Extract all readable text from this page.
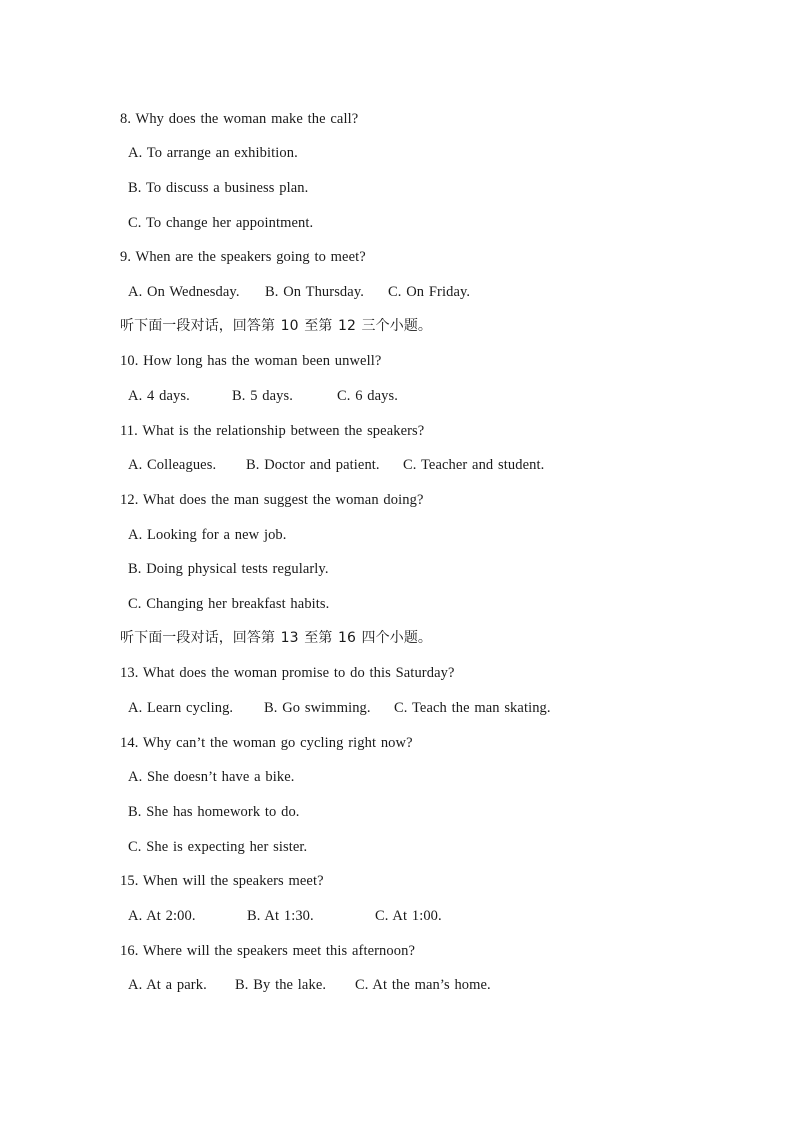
8. Why does the woman make the call?
A. To arrange an exhibition.
B. To discuss a business plan.
C. To change her appointment.
9. When are the speakers going to meet?
A. On Wednesday.	B. On Thursday.	C. On Friday.
听下面一段对话，回答第 10 至第 12 三个小题。
10. How long has the woman been unwell?
A. 4 days.	B. 5 days.	C. 6 days.
11. What is the relationship between the speakers?
A. Colleagues.	B. Doctor and patient.	C. Teacher and student.
12. What does the man suggest the woman doing?
A. Looking for a new job.
B. Doing physical tests regularly.
C. Changing her breakfast habits.
听下面一段对话，回答第 13 至第 16 四个小题。
13. What does the woman promise to do this Saturday?
A. Learn cycling.	B. Go swimming.	C. Teach the man skating.
14. Why can’t the woman go cycling right now?
A. She doesn’t have a bike.
B. She has homework to do.
C. She is expecting her sister.
15. When will the speakers meet?
A. At 2:00.	B. At 1:30.	C. At 1:00.
16. Where will the speakers meet this afternoon?
A. At a park.	B. By the lake.	C. At the man’s home.
